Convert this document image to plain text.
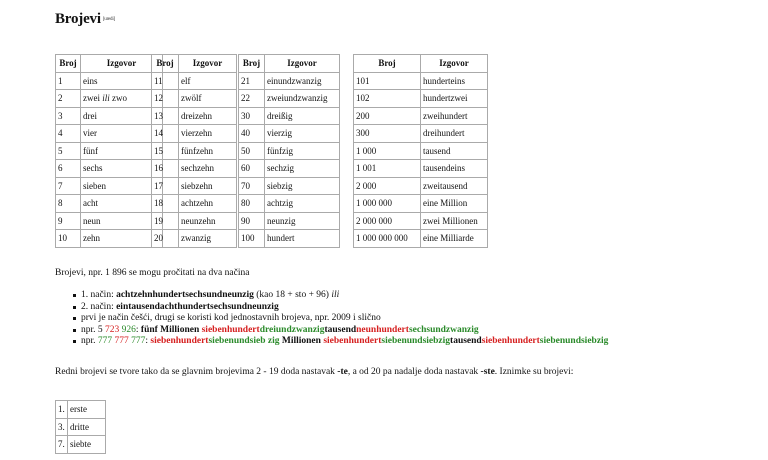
Brojevi [uredi]
Broj	Izgovor
1	eins
2	zwei ili zwo
3	drei
4	vier
5	fünf
6	sechs
7	sieben
8	acht
9	neun
10	zehn
Broj	Izgovor
11	elf
12	zwölf
13	dreizehn
14	vierzehn
15	fünfzehn
16	sechzehn
17	siebzehn
18	achtzehn
19	neunzehn
20	zwanzig
Broj	Izgovor
21	einundzwanzig
22	zweiundzwanzig
30	dreißig
40	vierzig
50	fünfzig
60	sechzig
70	siebzig
80	achtzig
90	neunzig
100	hundert
Broj	Izgovor
101	hunderteins
102	hundertzwei
200	zweihundert
300	dreihundert
1 000	tausend
1 001	tausendeins
2 000	zweitausend
1 000 000	eine Million
2 000 000	zwei Millionen
1 000 000 000	eine Milliarde
Brojevi, npr. 1 896 se mogu pročitati na dva načina
1. način: achtzehnhundertsechsundneunzig (kao 18 + sto + 96) ili
2. način: eintausendachthundertsechsundneunzig
prvi je način češći, drugi se koristi kod jednostavnih brojeva, npr. 2009 i slično
npr. 5 723 926: fünf Millionen siebenhundertdreiundzwanzigtausendneunhundertsechsundzwanzig
npr. 777 777 777: siebenhundertsiebenundsieb zig Millionen siebenhundertsiebenundsiebzigtausendsiebenhundertsiebenundsiebzig
Redni brojevi se tvore tako da se glavnim brojevima 2 - 19 doda nastavak -te, a od 20 pa nadalje doda nastavak -ste. Iznimke su brojevi:
1.	erste
3.	dritte
7.	siebte
